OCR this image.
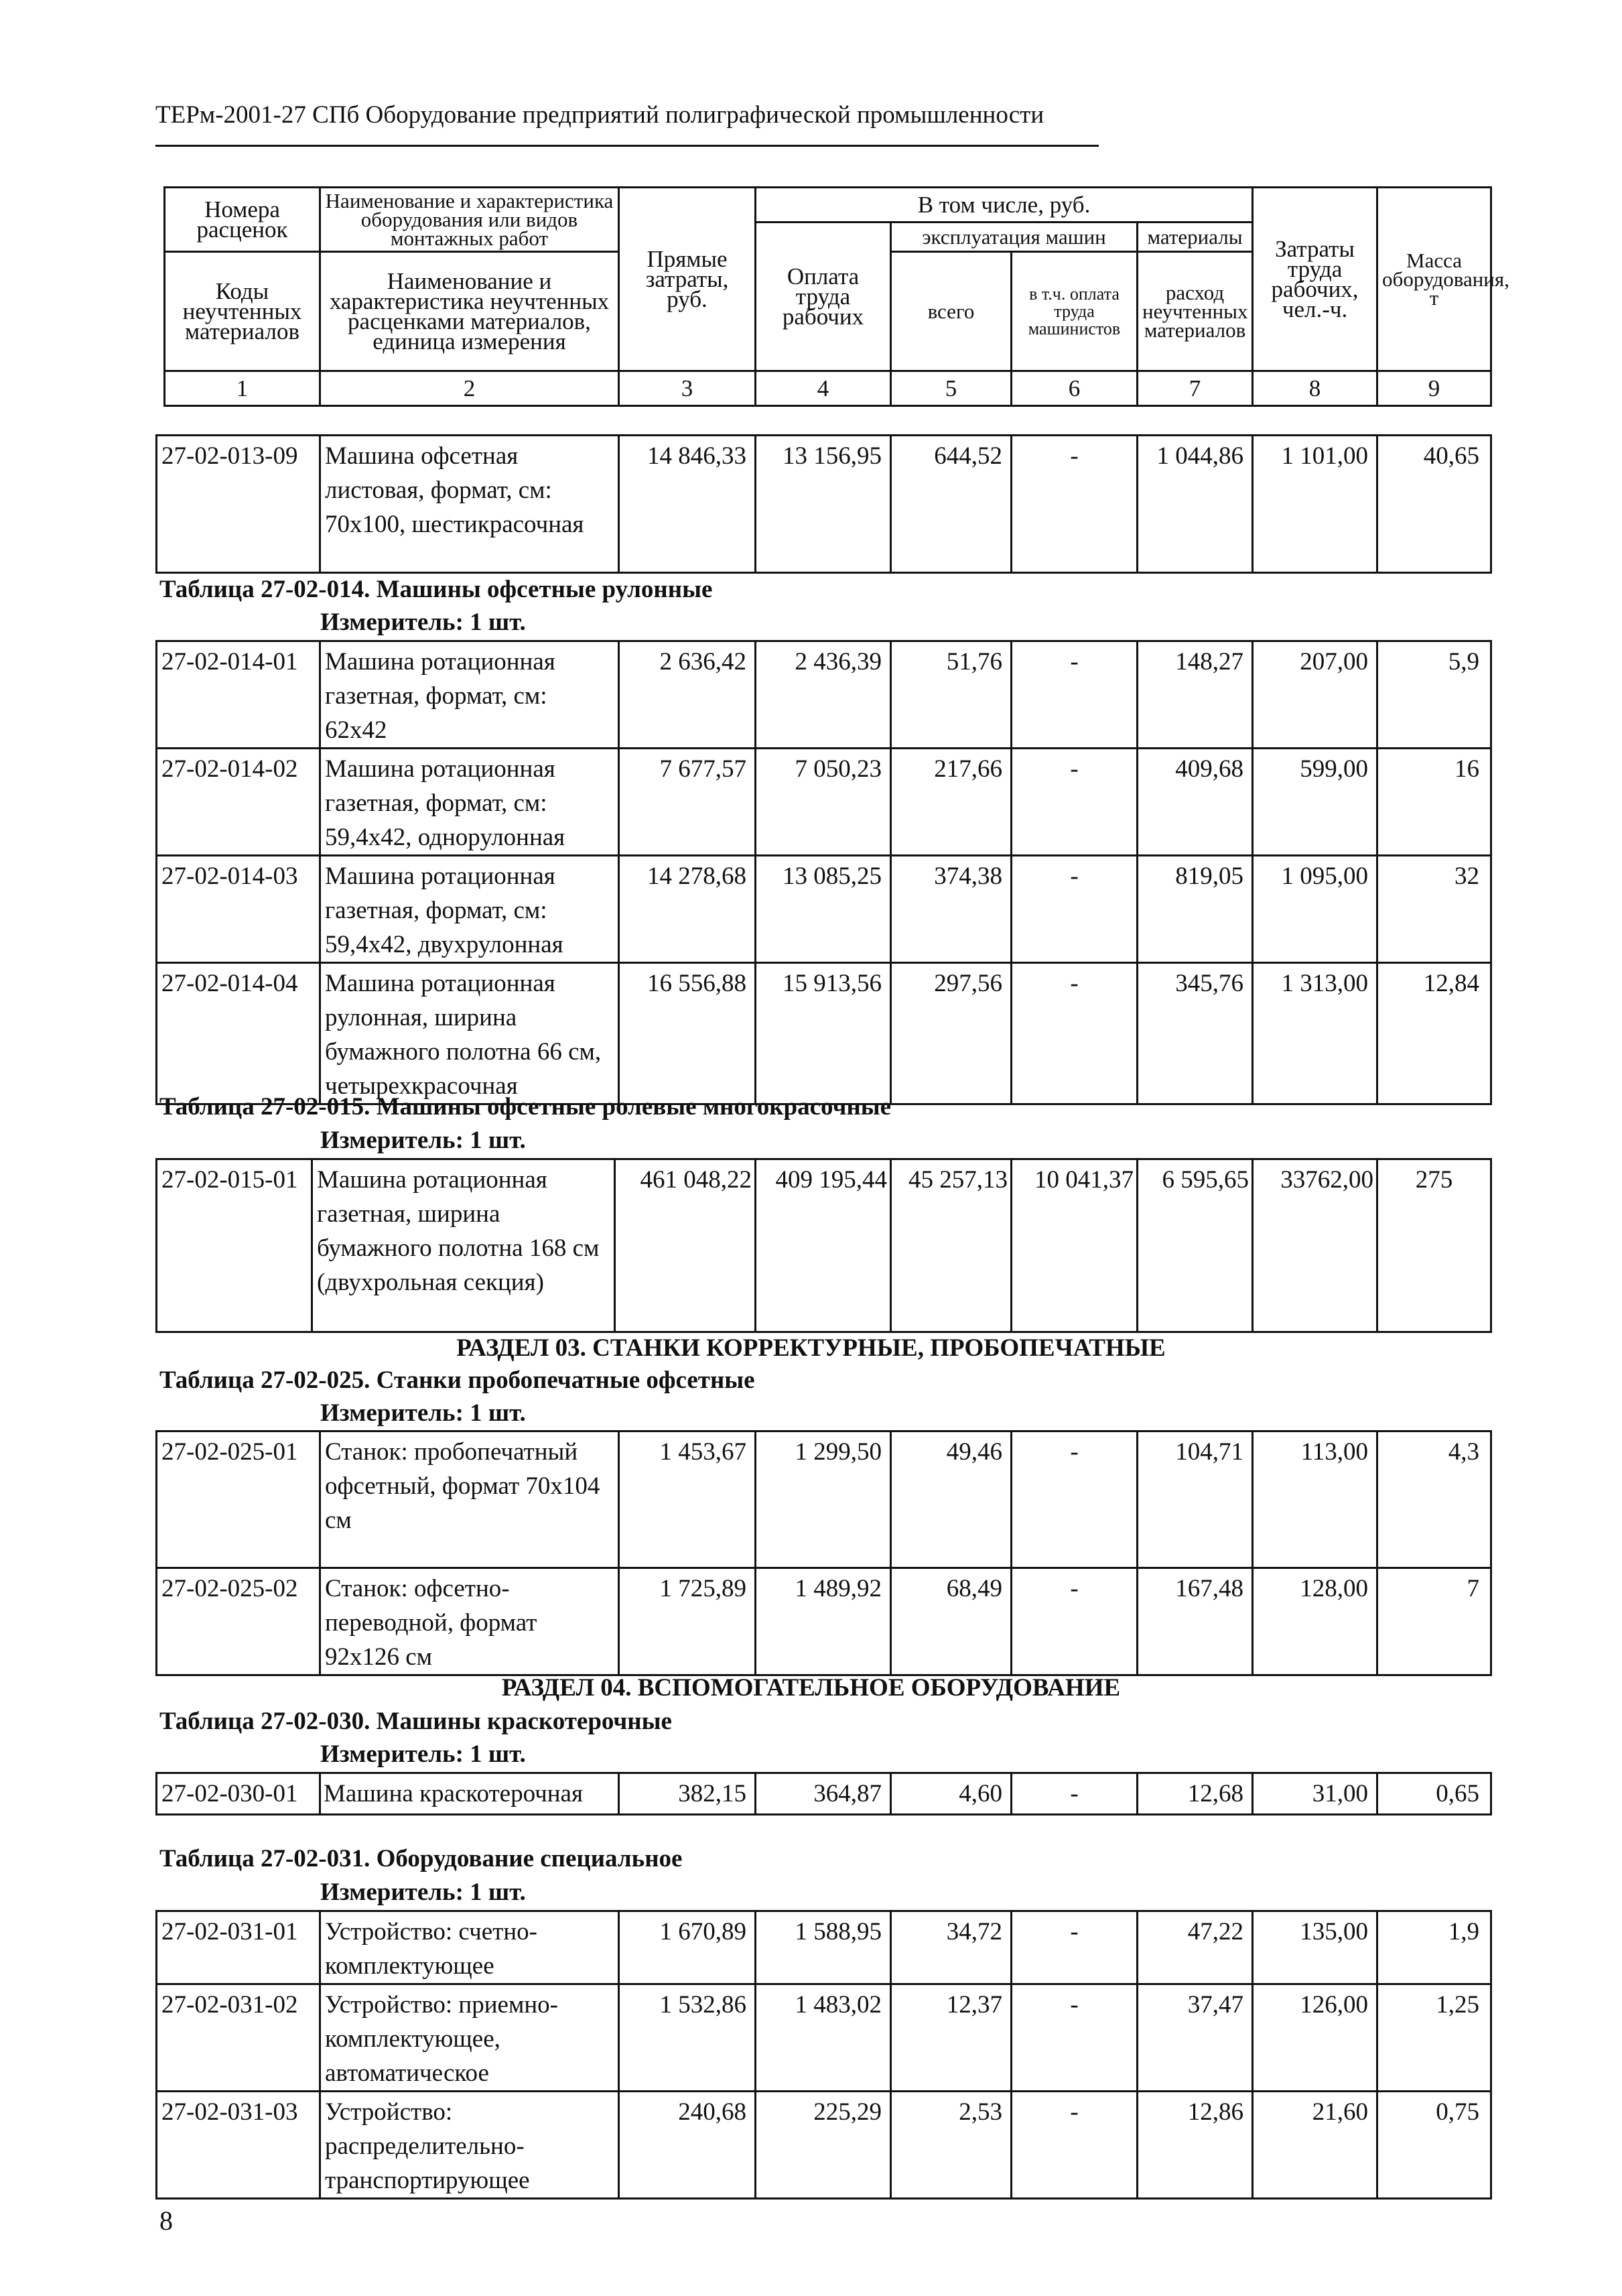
ТЕРм-2001-27 СПб Оборудование предприятий полиграфической промышленности
Номера расценок	Наименование и характеристика оборудования или видов монтажных работ	Прямые затраты, руб.	В том числе, руб.				Затраты труда рабочих, чел.-ч.	Масса оборудования, т
			Оплата труда рабочих	эксплуатация машин		материалы		
Коды неучтенных материалов	Наименование и характеристика неучтенных расценками материалов, единица измерения			всего	в т.ч. оплата труда машинистов	расход неучтенных материалов		

1	2	3	4	5	6	7	8	9
27-02-013-09	Машина офсетная листовая, формат, см: 70х100, шестикрасочная	14 846,33	13 156,95	644,52	-	1 044,86	1 101,00	40,65
Таблица 27-02-014. Машины офсетные рулонные
Измеритель: 1 шт.
27-02-014-01	Машина ротационная газетная, формат, см: 62х42	2 636,42	2 436,39	51,76	-	148,27	207,00	5,9
27-02-014-02	Машина ротационная газетная, формат, см: 59,4х42, однорулонная	7 677,57	7 050,23	217,66	-	409,68	599,00	16
27-02-014-03	Машина ротационная газетная, формат, см: 59,4х42, двухрулонная	14 278,68	13 085,25	374,38	-	819,05	1 095,00	32
27-02-014-04	Машина ротационная рулонная, ширина бумажного полотна 66 см, четырехкрасочная	16 556,88	15 913,56	297,56	-	345,76	1 313,00	12,84
Таблица 27-02-015. Машины офсетные ролевые многокрасочные
Измеритель: 1 шт.
27-02-015-01	Машина ротационная газетная, ширина бумажного полотна 168 см (двухрольная секция)	461 048,22	409 195,44	45 257,13	10 041,37	6 595,65	33762,00	275
РАЗДЕЛ 03. СТАНКИ КОРРЕКТУРНЫЕ, ПРОБОПЕЧАТНЫЕ
Таблица 27-02-025. Станки пробопечатные офсетные
Измеритель: 1 шт.
27-02-025-01	Станок: пробопечатный офсетный, формат 70х104 см	1 453,67	1 299,50	49,46	-	104,71	113,00	4,3
27-02-025-02	Станок: офсетно-переводной, формат 92х126 см	1 725,89	1 489,92	68,49	-	167,48	128,00	7
РАЗДЕЛ 04. ВСПОМОГАТЕЛЬНОЕ ОБОРУДОВАНИЕ
Таблица 27-02-030. Машины краскотерочные
Измеритель: 1 шт.
27-02-030-01	Машина краскотерочная	382,15	364,87	4,60	-	12,68	31,00	0,65
Таблица 27-02-031. Оборудование специальное
Измеритель: 1 шт.
27-02-031-01	Устройство: счетно-комплектующее	1 670,89	1 588,95	34,72	-	47,22	135,00	1,9
27-02-031-02	Устройство: приемно-комплектующее, автоматическое	1 532,86	1 483,02	12,37	-	37,47	126,00	1,25
27-02-031-03	Устройство: распределительно-транспортирующее	240,68	225,29	2,53	-	12,86	21,60	0,75
8
